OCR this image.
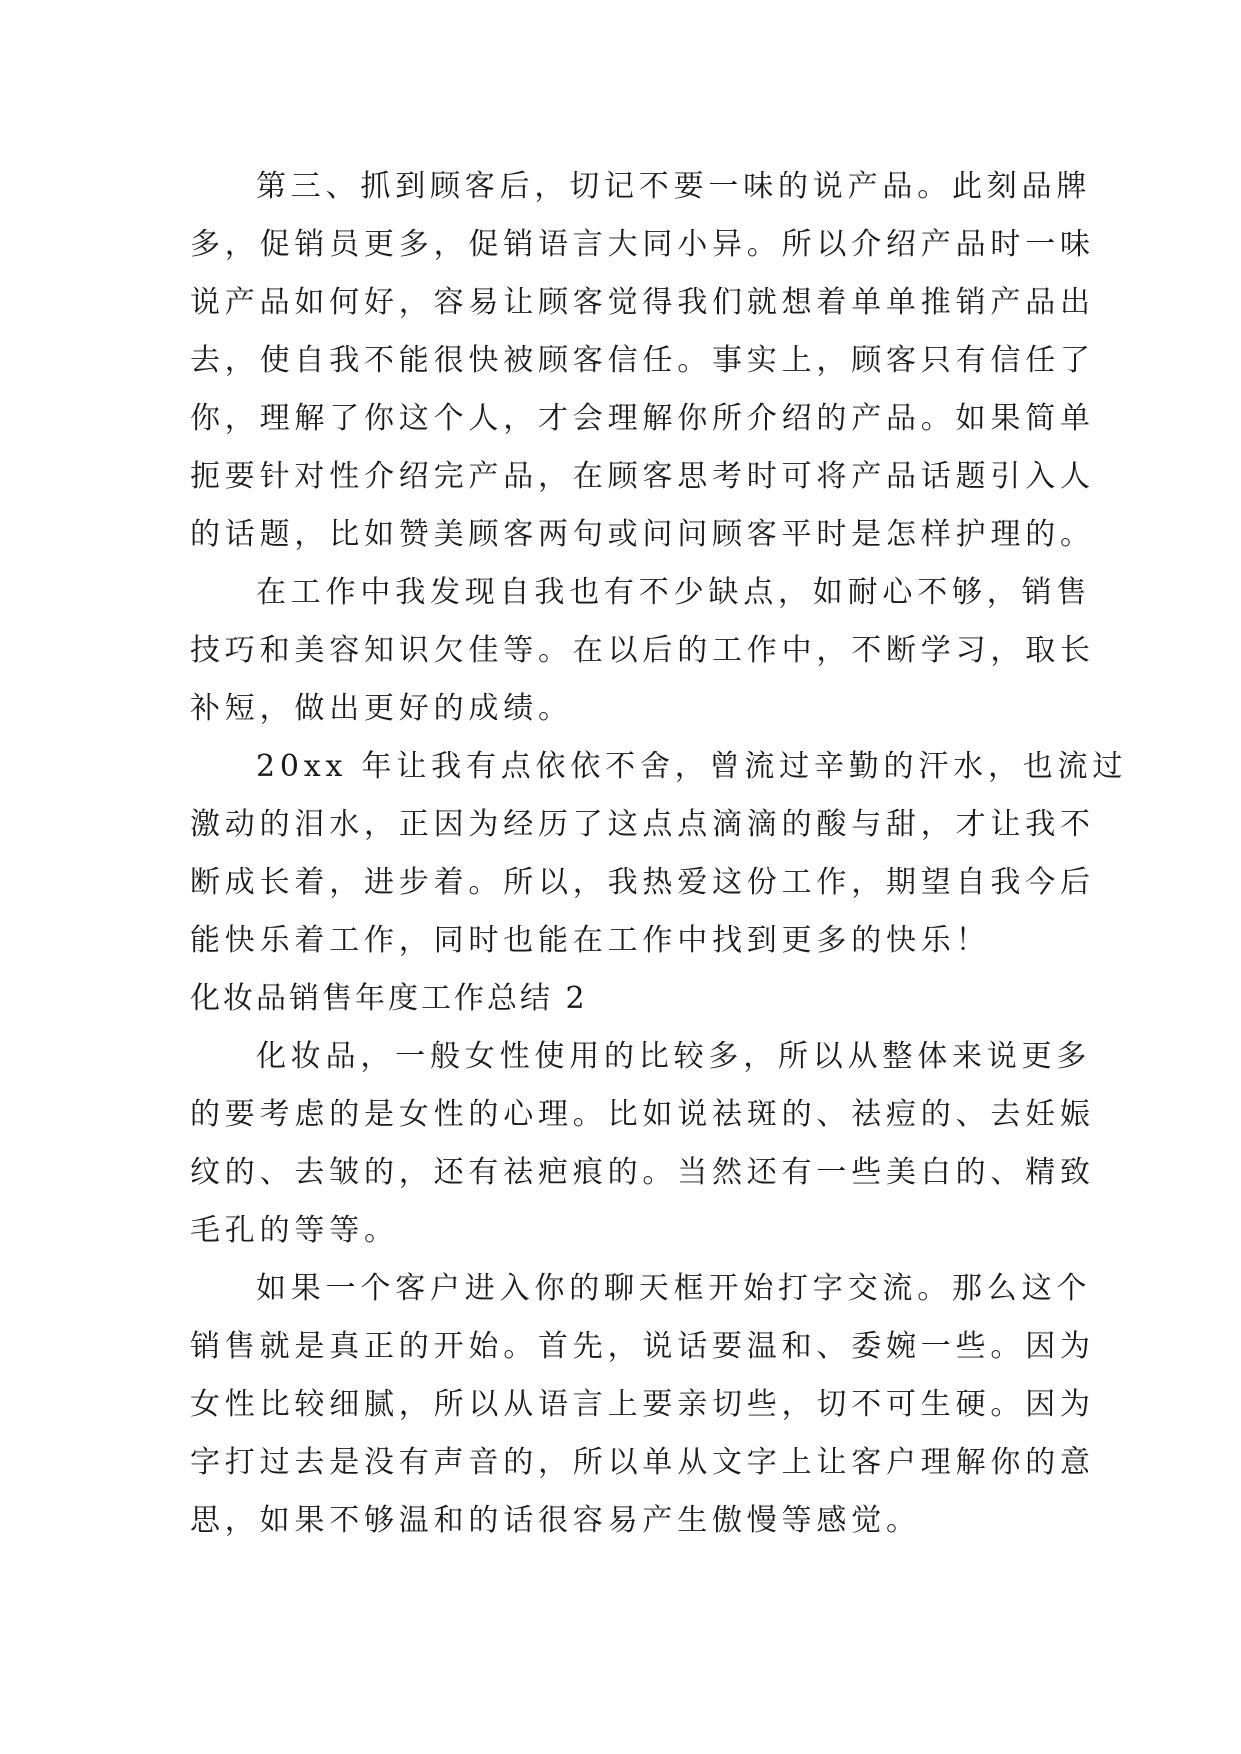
第三、抓到顾客后，切记不要一味的说产品。此刻品牌
多，促销员更多，促销语言大同小异。所以介绍产品时一味
说产品如何好，容易让顾客觉得我们就想着单单推销产品出
去，使自我不能很快被顾客信任。事实上，顾客只有信任了
你，理解了你这个人，才会理解你所介绍的产品。如果简单
扼要针对性介绍完产品，在顾客思考时可将产品话题引入人
的话题，比如赞美顾客两句或问问顾客平时是怎样护理的。
在工作中我发现自我也有不少缺点，如耐心不够，销售
技巧和美容知识欠佳等。在以后的工作中，不断学习，取长
补短，做出更好的成绩。
20xx 年让我有点依依不舍，曾流过辛勤的汗水，也流过
激动的泪水，正因为经历了这点点滴滴的酸与甜，才让我不
断成长着，进步着。所以，我热爱这份工作，期望自我今后
能快乐着工作，同时也能在工作中找到更多的快乐！
化妆品销售年度工作总结 2
化妆品，一般女性使用的比较多，所以从整体来说更多
的要考虑的是女性的心理。比如说祛斑的、祛痘的、去妊娠
纹的、去皱的，还有祛疤痕的。当然还有一些美白的、精致
毛孔的等等。
如果一个客户进入你的聊天框开始打字交流。那么这个
销售就是真正的开始。首先，说话要温和、委婉一些。因为
女性比较细腻，所以从语言上要亲切些，切不可生硬。因为
字打过去是没有声音的，所以单从文字上让客户理解你的意
思，如果不够温和的话很容易产生傲慢等感觉。
